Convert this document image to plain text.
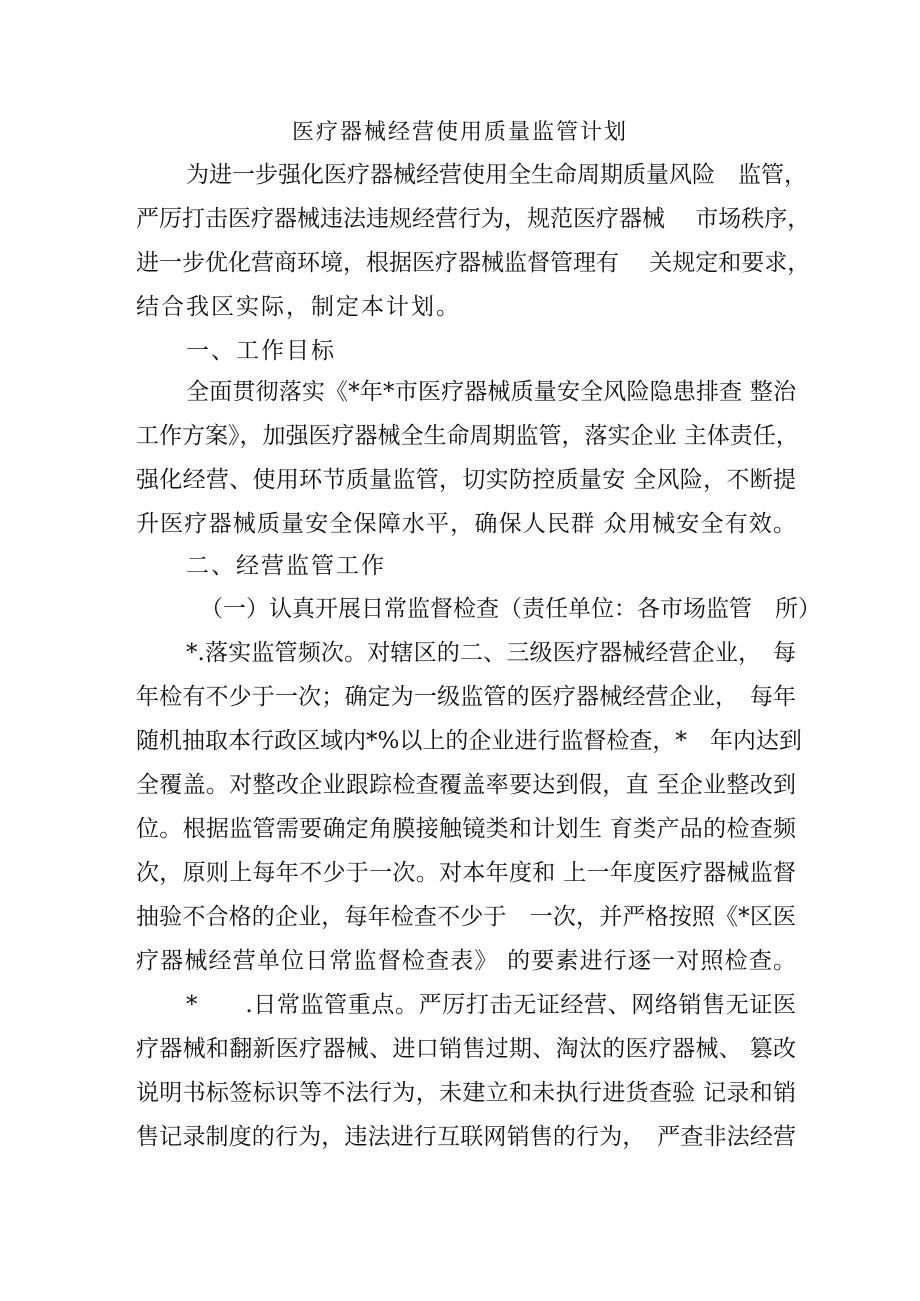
医疗器械经营使用质量监管计划
为进一步强化医疗器械经营使用全生命周期质量风险　监管，
严厉打击医疗器械违法违规经营行为，规范医疗器械　 市场秩序，
进一步优化营商环境，根据医疗器械监督管理有　 关规定和要求，
结合我区实际，制定本计划。
一、工作目标
全面贯彻落实《*年*市医疗器械质量安全风险隐患排查 整治
工作方案》，加强医疗器械全生命周期监管，落实企业 主体责任，
强化经营、使用环节质量监管，切实防控质量安 全风险，不断提
升医疗器械质量安全保障水平，确保人民群 众用械安全有效。
二、经营监管工作
（一）认真开展日常监督检查（责任单位：各市场监管　所）
*.落实监管频次。对辖区的二、三级医疗器械经营企业，　每
年检有不少于一次；确定为一级监管的医疗器械经营企业，　每年
随机抽取本行政区域内*%以上的企业进行监督检查，*　年内达到
全覆盖。对整改企业跟踪检查覆盖率要达到假，直 至企业整改到
位。根据监管需要确定角膜接触镜类和计划生 育类产品的检查频
次，原则上每年不少于一次。对本年度和 上一年度医疗器械监督
抽验不合格的企业，每年检查不少于　一次，并严格按照《*区医
疗器械经营单位日常监督检查表》 的要素进行逐一对照检查。
*　　.日常监管重点。严厉打击无证经营、网络销售无证医
疗器械和翻新医疗器械、进口销售过期、淘汰的医疗器械、 篡改
说明书标签标识等不法行为，未建立和未执行进货查验 记录和销
售记录制度的行为，违法进行互联网销售的行为，　严查非法经营
